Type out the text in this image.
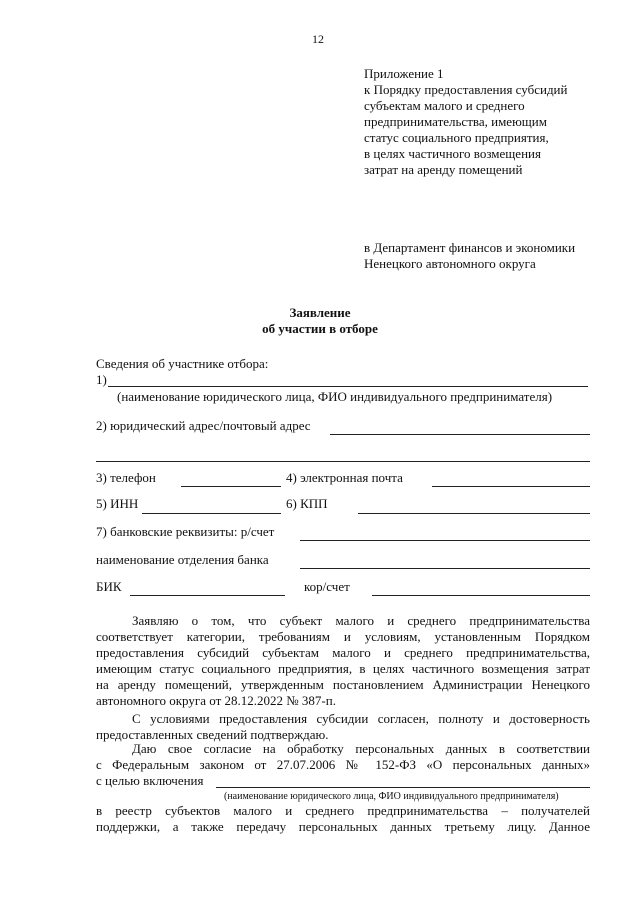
12
Приложение 1
к Порядку предоставления субсидий
субъектам малого и среднего
предпринимательства, имеющим
статус социального предприятия,
в целях частичного возмещения
затрат на аренду помещений
в Департамент финансов и экономики
Ненецкого автономного округа
Заявление
об участии в отборе
Сведения об участнике отбора:
1)
(наименование юридического лица, ФИО индивидуального предпринимателя)
2) юридический адрес/почтовый адрес
3) телефон	4) электронная почта
5) ИНН	6) КПП
7) банковские реквизиты: р/счет
наименование отделения банка
БИК	кор/счет
Заявляю о том, что субъект малого и среднего предпринимательства
соответствует категории, требованиям и условиям, установленным Порядком
предоставления субсидий субъектам малого и среднего предпринимательства,
имеющим статус социального предприятия, в целях частичного возмещения затрат
на аренду помещений, утвержденным постановлением Администрации Ненецкого
автономного округа от 28.12.2022 № 387-п.
С условиями предоставления субсидии согласен, полноту и достоверность
предоставленных сведений подтверждаю.
Даю свое согласие на обработку персональных данных в соответствии
с Федеральным законом от 27.07.2006 № 152-ФЗ «О персональных данных»
с целью включения
(наименование юридического лица, ФИО индивидуального предпринимателя)
в реестр субъектов малого и среднего предпринимательства – получателей
поддержки, а также передачу персональных данных третьему лицу. Данное
